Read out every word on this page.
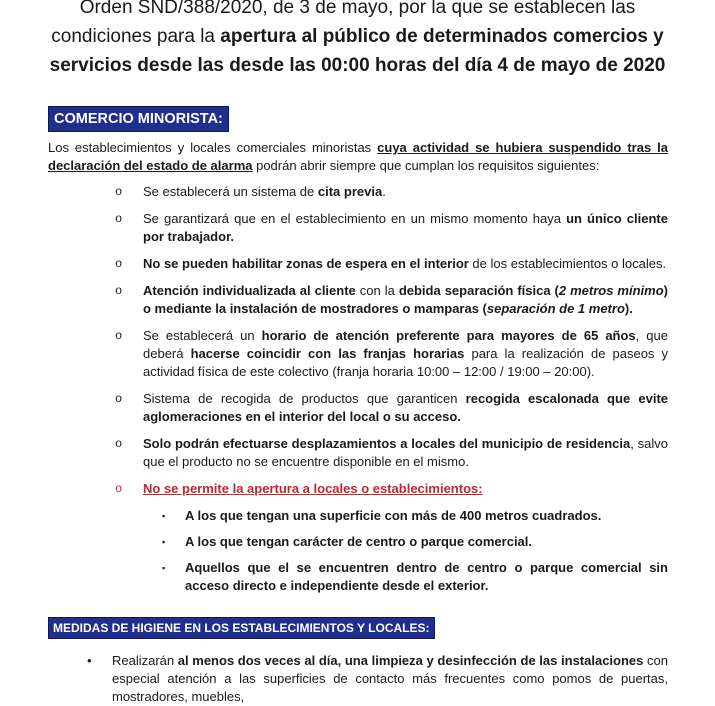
Orden SND/388/2020, de 3 de mayo, por la que se establecen las
condiciones para la apertura al público de determinados comercios y
servicios desde las desde las 00:00 horas del día 4 de mayo de 2020
COMERCIO MINORISTA:

Los establecimientos y locales comerciales minoristas cuya actividad se hubiera suspendido tras la declaración del estado de alarma podrán abrir siempre que cumplan los requisitos siguientes:

o	Se establecerá un sistema de cita previa.
o	Se garantizará que en el establecimiento en un mismo momento haya un único cliente por trabajador.
o	No se pueden habilitar zonas de espera en el interior de los establecimientos o locales.
o	Atención individualizada al cliente con la debida separación física (2 metros mínimo) o mediante la instalación de mostradores o mamparas (separación de 1 metro).
o	Se establecerá un horario de atención preferente para mayores de 65 años, que deberá hacerse coincidir con las franjas horarias para la realización de paseos y actividad física de este colectivo (franja horaria 10:00 – 12:00 / 19:00 – 20:00).
o	Sistema de recogida de productos que garanticen recogida escalonada que evite aglomeraciones en el interior del local o su acceso.
o	Solo podrán efectuarse desplazamientos a locales del municipio de residencia, salvo que el producto no se encuentre disponible en el mismo.
o	No se permite la apertura a locales o establecimientos:
▪	A los que tengan una superficie con más de 400 metros cuadrados.
▪	A los que tengan carácter de centro o parque comercial.
▪	Aquellos que el se encuentren dentro de centro o parque comercial sin acceso directo e independiente desde el exterior.
MEDIDAS DE HIGIENE EN LOS ESTABLECIMIENTOS Y LOCALES:
•	Realizarán al menos dos veces al día, una limpieza y desinfección de las instalaciones con especial atención a las superficies de contacto más frecuentes como pomos de puertas, mostradores, muebles,
